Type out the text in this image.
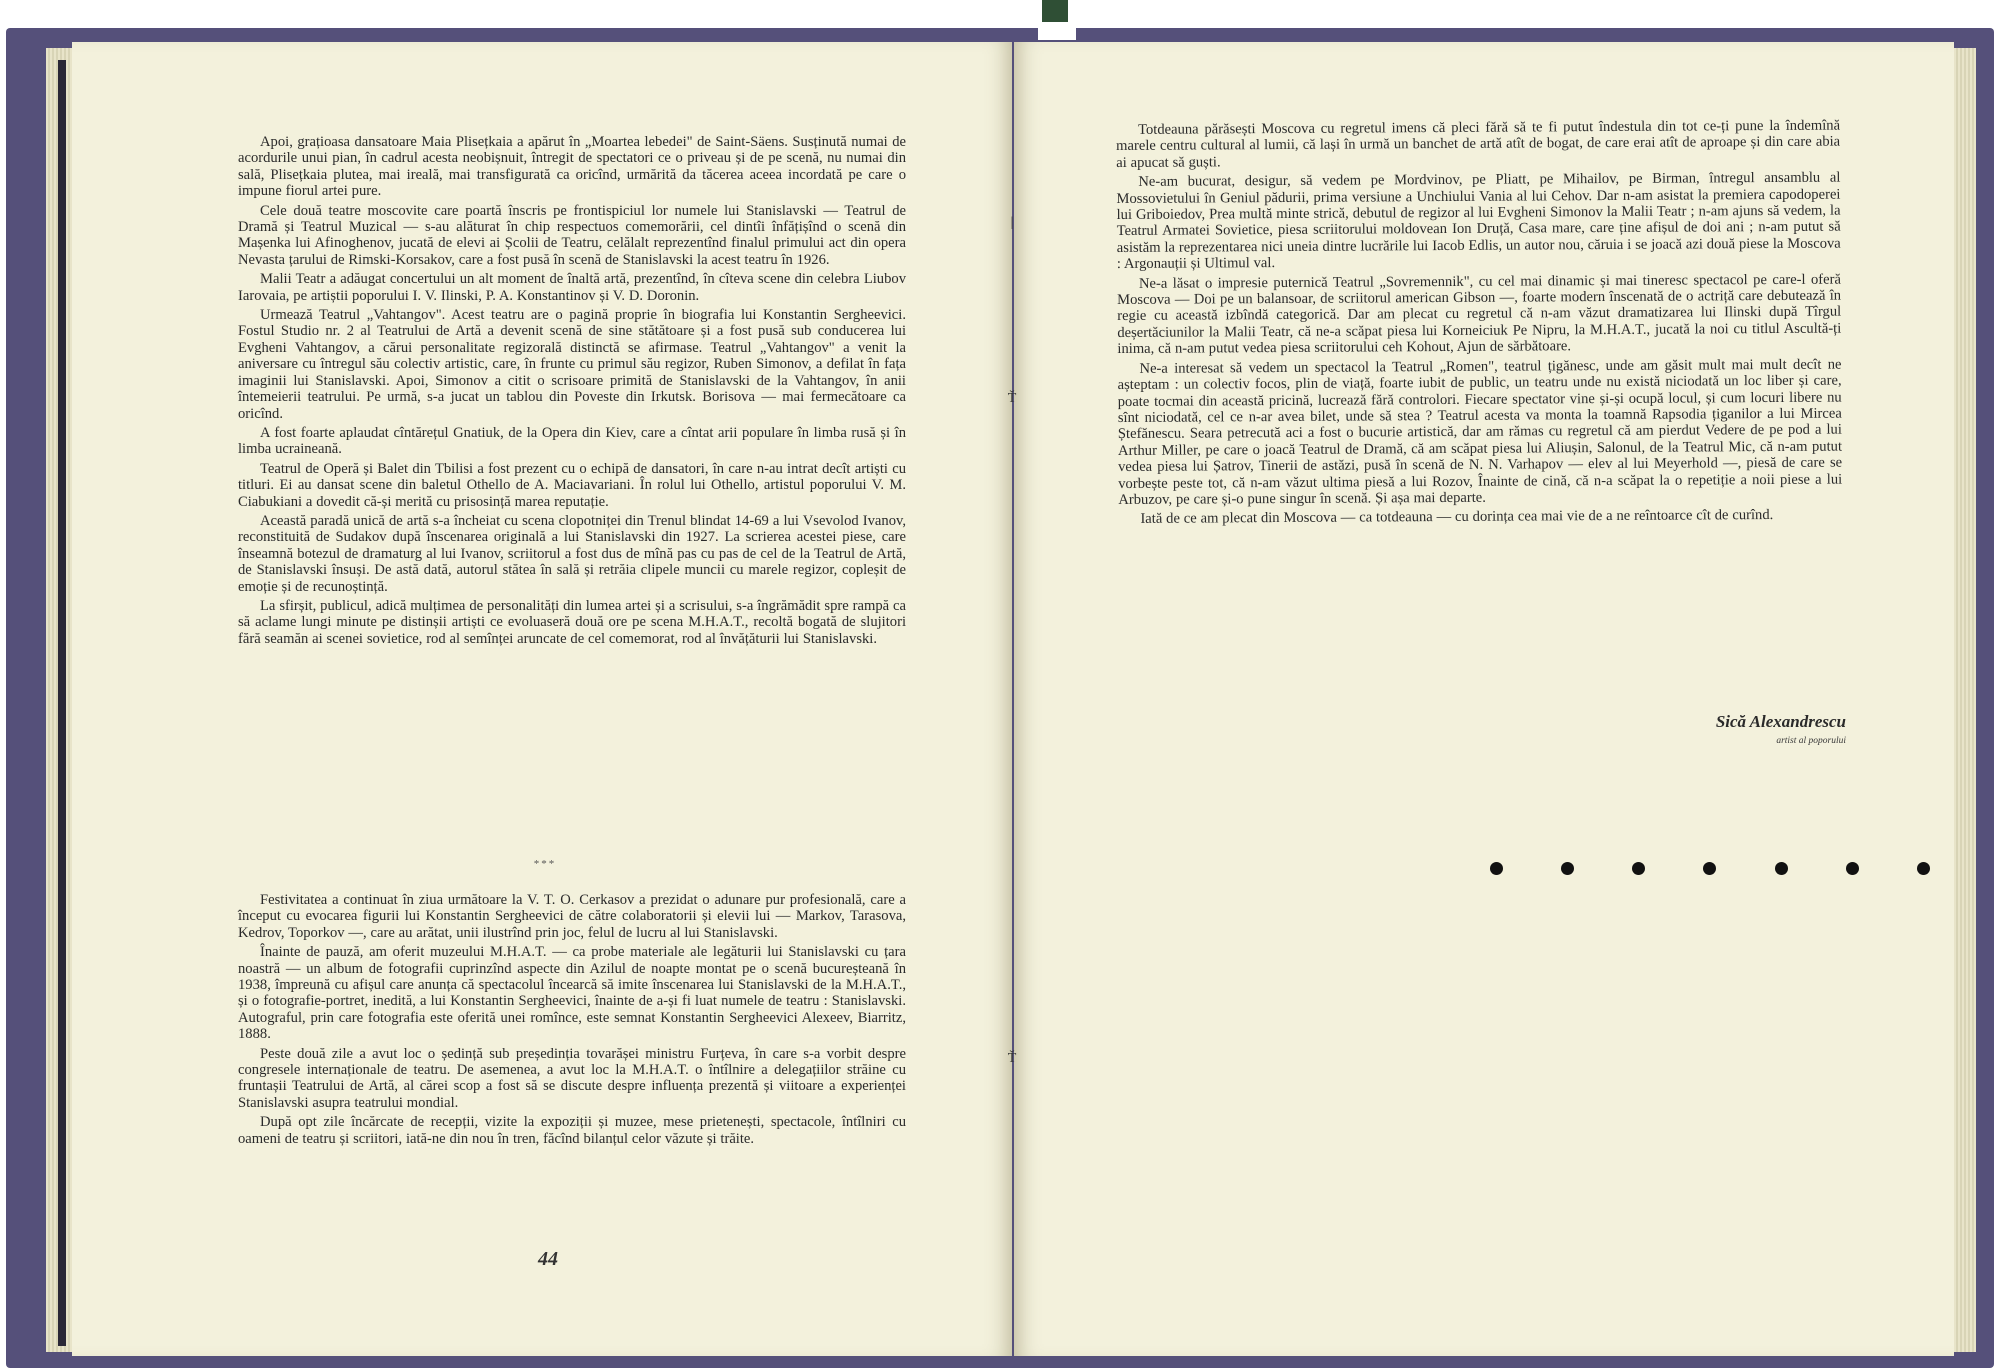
|
Ť
Ť

Apoi, grațioasa dansatoare Maia Plisețkaia a apărut în „Moartea lebedei" de Saint-Säens. Susținută numai de acordurile unui pian, în cadrul acesta neobișnuit, întregit de spectatori ce o priveau și de pe scenă, nu numai din sală, Plisețkaia plutea, mai ireală, mai transfigurată ca oricînd, urmărită da tăcerea aceea incordată pe care o impune fiorul artei pure.

Cele două teatre moscovite care poartă înscris pe frontispiciul lor numele lui Stanislavski — Teatrul de Dramă și Teatrul Muzical — s-au alăturat în chip respectuos comemorării, cel dintîi înfățișînd o scenă din Mașenka lui Afinoghenov, jucată de elevi ai Școlii de Teatru, celălalt reprezentînd finalul primului act din opera Nevasta țarului de Rimski-Korsakov, care a fost pusă în scenă de Stanislavski la acest teatru în 1926.

Malii Teatr a adăugat concertului un alt moment de înaltă artă, prezentînd, în cîteva scene din celebra Liubov Iarovaia, pe artiștii poporului I. V. Ilinski, P. A. Konstantinov și V. D. Doronin.

Urmează Teatrul „Vahtangov". Acest teatru are o pagină proprie în biografia lui Konstantin Sergheevici. Fostul Studio nr. 2 al Teatrului de Artă a devenit scenă de sine stătătoare și a fost pusă sub conducerea lui Evgheni Vahtangov, a cărui personalitate regizorală distinctă se afirmase. Teatrul „Vahtangov" a venit la aniversare cu întregul său colectiv artistic, care, în frunte cu primul său regizor, Ruben Simonov, a defilat în fața imaginii lui Stanislavski. Apoi, Simonov a citit o scrisoare primită de Stanislavski de la Vahtangov, în anii întemeierii teatrului. Pe urmă, s-a jucat un tablou din Poveste din Irkutsk. Borisova — mai fermecătoare ca oricînd.

A fost foarte aplaudat cîntărețul Gnatiuk, de la Opera din Kiev, care a cîntat arii populare în limba rusă și în limba ucraineană.

Teatrul de Operă și Balet din Tbilisi a fost prezent cu o echipă de dansatori, în care n-au intrat decît artiști cu titluri. Ei au dansat scene din baletul Othello de A. Maciavariani. În rolul lui Othello, artistul poporului V. M. Ciabukiani a dovedit că-și merită cu prisosință marea reputație.

Această paradă unică de artă s-a încheiat cu scena clopotniței din Trenul blindat 14-69 a lui Vsevolod Ivanov, reconstituită de Sudakov după înscenarea originală a lui Stanislavski din 1927. La scrierea acestei piese, care înseamnă botezul de dramaturg al lui Ivanov, scriitorul a fost dus de mînă pas cu pas de cel de la Teatrul de Artă, de Stanislavski însuși. De astă dată, autorul stătea în sală și retrăia clipele muncii cu marele regizor, copleșit de emoție și de recunoștință.

La sfirșit, publicul, adică mulțimea de personalități din lumea artei și a scrisului, s-a îngrămădit spre rampă ca să aclame lungi minute pe distinșii artiști ce evoluaseră două ore pe scena M.H.A.T., recoltă bogată de slujitori fără seamăn ai scenei sovietice, rod al semînței aruncate de cel comemorat, rod al învățăturii lui Stanislavski.

***

Festivitatea a continuat în ziua următoare la V. T. O. Cerkasov a prezidat o adunare pur profesională, care a început cu evocarea figurii lui Konstantin Sergheevici de către colaboratorii și elevii lui — Markov, Tarasova, Kedrov, Toporkov —, care au arătat, unii ilustrînd prin joc, felul de lucru al lui Stanislavski.

Înainte de pauză, am oferit muzeului M.H.A.T. — ca probe materiale ale legăturii lui Stanislavski cu țara noastră — un album de fotografii cuprinzînd aspecte din Azilul de noapte montat pe o scenă bucureșteană în 1938, împreună cu afișul care anunța că spectacolul încearcă să imite înscenarea lui Stanislavski de la M.H.A.T., și o fotografie-portret, inedită, a lui Konstantin Sergheevici, înainte de a-și fi luat numele de teatru : Stanislavski. Autograful, prin care fotografia este oferită unei romînce, este semnat Konstantin Sergheevici Alexeev, Biarritz, 1888.

Peste două zile a avut loc o ședință sub președinția tovarășei ministru Furțeva, în care s-a vorbit despre congresele internaționale de teatru. De asemenea, a avut loc la M.H.A.T. o întîlnire a delegațiilor străine cu fruntașii Teatrului de Artă, al cărei scop a fost să se discute despre influența prezentă și viitoare a experienței Stanislavski asupra teatrului mondial.

După opt zile încărcate de recepții, vizite la expoziții și muzee, mese prietenești, spectacole, întîlniri cu oameni de teatru și scriitori, iată-ne din nou în tren, făcînd bilanțul celor văzute și trăite.

44

Totdeauna părăsești Moscova cu regretul imens că pleci fără să te fi putut îndestula din tot ce-ți pune la îndemînă marele centru cultural al lumii, că lași în urmă un banchet de artă atît de bogat, de care erai atît de aproape și din care abia ai apucat să guști.

Ne-am bucurat, desigur, să vedem pe Mordvinov, pe Pliatt, pe Mihailov, pe Birman, întregul ansamblu al Mossovietului în Geniul pădurii, prima versiune a Unchiului Vania al lui Cehov. Dar n-am asistat la premiera capodoperei lui Griboiedov, Prea multă minte strică, debutul de regizor al lui Evgheni Simonov la Malii Teatr ; n-am ajuns să vedem, la Teatrul Armatei Sovietice, piesa scriitorului moldovean Ion Druță, Casa mare, care ține afișul de doi ani ; n-am putut să asistăm la reprezentarea nici uneia dintre lucrările lui Iacob Edlis, un autor nou, căruia i se joacă azi două piese la Moscova : Argonauții și Ultimul val.

Ne-a lăsat o impresie puternică Teatrul „Sovremennik", cu cel mai dinamic și mai tineresc spectacol pe care-l oferă Moscova — Doi pe un balansoar, de scriitorul american Gibson —, foarte modern înscenată de o actriță care debutează în regie cu această izbîndă categorică. Dar am plecat cu regretul că n-am văzut dramatizarea lui Ilinski după Tîrgul deșertăciunilor la Malii Teatr, că ne-a scăpat piesa lui Korneiciuk Pe Nipru, la M.H.A.T., jucată la noi cu titlul Ascultă-ți inima, că n-am putut vedea piesa scriitorului ceh Kohout, Ajun de sărbătoare.

Ne-a interesat să vedem un spectacol la Teatrul „Romen", teatrul țigănesc, unde am găsit mult mai mult decît ne așteptam : un colectiv focos, plin de viață, foarte iubit de public, un teatru unde nu există niciodată un loc liber și care, poate tocmai din această pricină, lucrează fără controlori. Fiecare spectator vine și-și ocupă locul, și cum locuri libere nu sînt niciodată, cel ce n-ar avea bilet, unde să stea ? Teatrul acesta va monta la toamnă Rapsodia țiganilor a lui Mircea Ștefănescu. Seara petrecută aci a fost o bucurie artistică, dar am rămas cu regretul că am pierdut Vedere de pe pod a lui Arthur Miller, pe care o joacă Teatrul de Dramă, că am scăpat piesa lui Aliușin, Salonul, de la Teatrul Mic, că n-am putut vedea piesa lui Șatrov, Tinerii de astăzi, pusă în scenă de N. N. Varhapov — elev al lui Meyerhold —, piesă de care se vorbește peste tot, că n-am văzut ultima piesă a lui Rozov, Înainte de cină, că n-a scăpat la o repetiție a noii piese a lui Arbuzov, pe care și-o pune singur în scenă. Și așa mai departe.

Iată de ce am plecat din Moscova — ca totdeauna — cu dorința cea mai vie de a ne reîntoarce cît de curînd.

Sică Alexandrescu
artist al poporului
